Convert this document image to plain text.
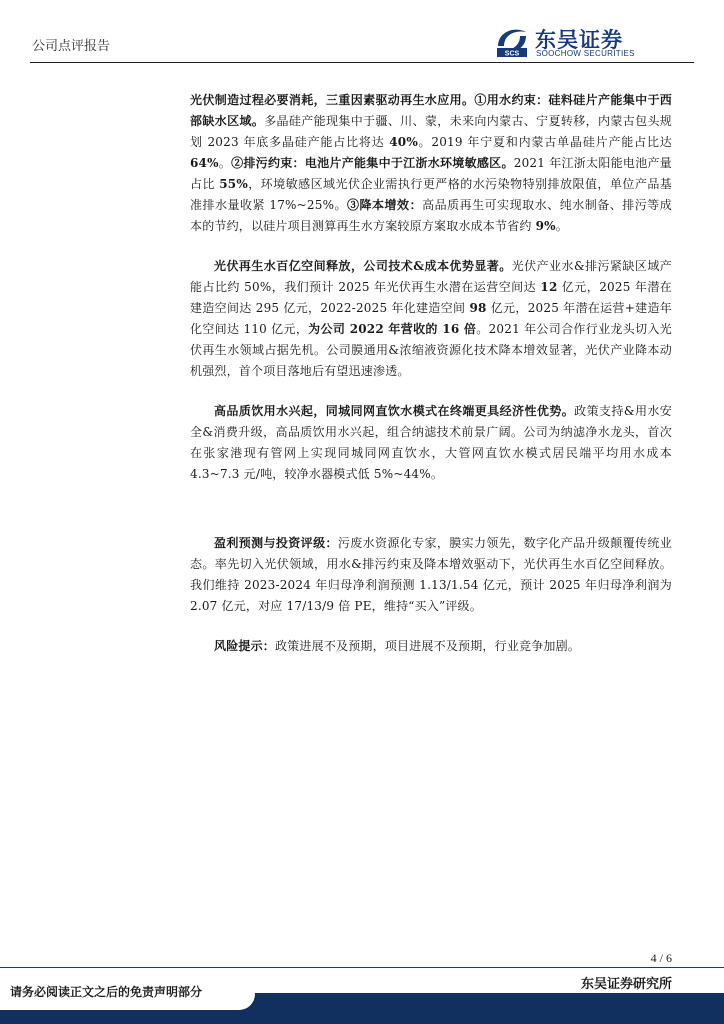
公司点评报告	SCS
东吴证券
SOOCHOW SECURITIES

光伏制造过程必要消耗，三重因素驱动再生水应用。①用水约束：硅料硅片产能集中于西部缺水区域。多晶硅产能现集中于疆、川、蒙，未来向内蒙古、宁夏转移，内蒙古包头规划 2023 年底多晶硅产能占比将达 40%。2019 年宁夏和内蒙古单晶硅片产能占比达 64%。②排污约束：电池片产能集中于江浙水环境敏感区。2021 年江浙太阳能电池产量占比 55%，环境敏感区域光伏企业需执行更严格的水污染物特别排放限值，单位产品基准排水量收紧 17%~25%。③降本增效：高品质再生可实现取水、纯水制备、排污等成本的节约，以硅片项目测算再生水方案较原方案取水成本节省约 9%。

光伏再生水百亿空间释放，公司技术&成本优势显著。光伏产业水&排污紧缺区域产能占比约 50%，我们预计 2025 年光伏再生水潜在运营空间达 12 亿元，2025 年潜在建造空间达 295 亿元，2022-2025 年化建造空间 98 亿元，2025 年潜在运营+建造年化空间达 110 亿元，为公司 2022 年营收的 16 倍。2021 年公司合作行业龙头切入光伏再生水领域占据先机。公司膜通用&浓缩液资源化技术降本增效显著，光伏产业降本动机强烈，首个项目落地后有望迅速渗透。

高品质饮用水兴起，同城同网直饮水模式在终端更具经济性优势。政策支持&用水安全&消费升级，高品质饮用水兴起，组合纳滤技术前景广阔。公司为纳滤净水龙头，首次在张家港现有管网上实现同城同网直饮水，大管网直饮水模式居民端平均用水成本 4.3~7.3 元/吨，较净水器模式低 5%~44%。

盈利预测与投资评级：污废水资源化专家，膜实力领先，数字化产品升级颠覆传统业态。率先切入光伏领域，用水&排污约束及降本增效驱动下，光伏再生水百亿空间释放。我们维持 2023-2024 年归母净利润预测 1.13/1.54 亿元，预计 2025 年归母净利润为 2.07 亿元，对应 17/13/9 倍 PE，维持“买入”评级。

风险提示：政策进展不及预期，项目进展不及预期，行业竞争加剧。

4 / 6
请务必阅读正文之后的免责声明部分	东吴证券研究所
